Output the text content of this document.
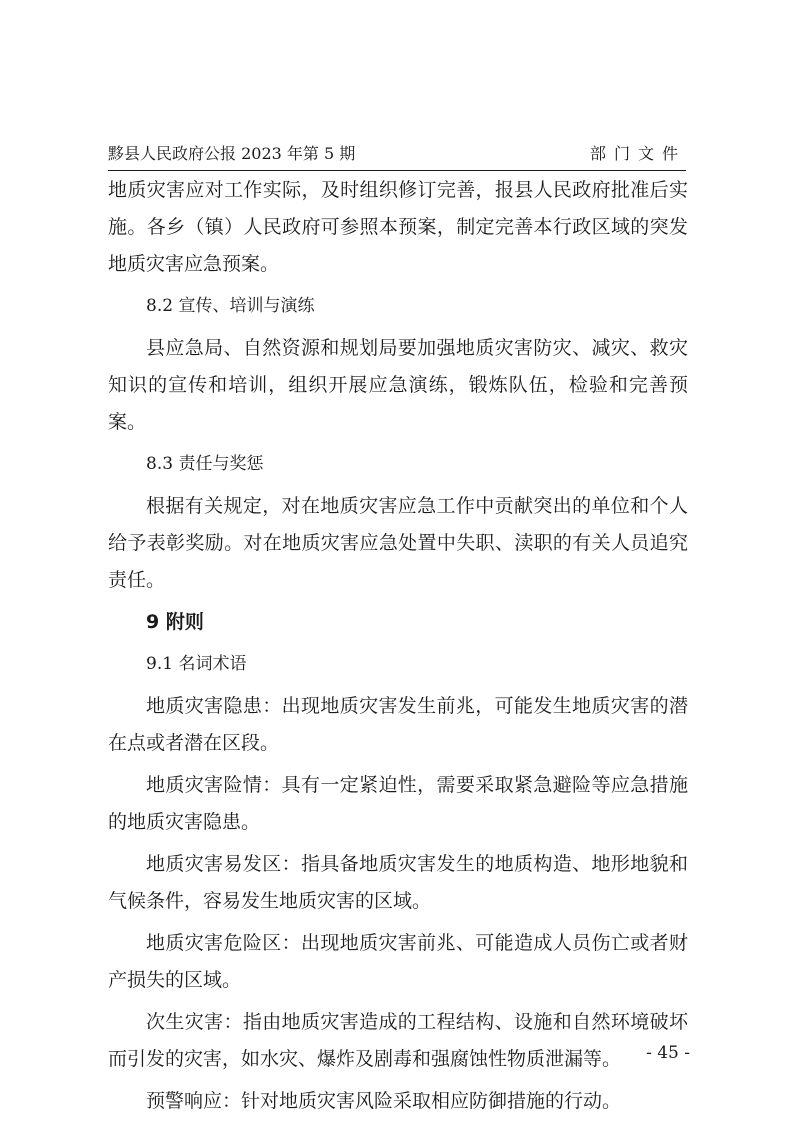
黟县人民政府公报 2023 年第 5 期	部门文件

地质灾害应对工作实际，及时组织修订完善，报县人民政府批准后实施。各乡（镇）人民政府可参照本预案，制定完善本行政区域的突发地质灾害应急预案。

8.2 宣传、培训与演练

县应急局、自然资源和规划局要加强地质灾害防灾、减灾、救灾知识的宣传和培训，组织开展应急演练，锻炼队伍，检验和完善预案。

8.3 责任与奖惩

根据有关规定，对在地质灾害应急工作中贡献突出的单位和个人给予表彰奖励。对在地质灾害应急处置中失职、渎职的有关人员追究责任。

9 附则

9.1 名词术语

地质灾害隐患：出现地质灾害发生前兆，可能发生地质灾害的潜在点或者潜在区段。

地质灾害险情：具有一定紧迫性，需要采取紧急避险等应急措施的地质灾害隐患。

地质灾害易发区：指具备地质灾害发生的地质构造、地形地貌和气候条件，容易发生地质灾害的区域。

地质灾害危险区：出现地质灾害前兆、可能造成人员伤亡或者财产损失的区域。

次生灾害：指由地质灾害造成的工程结构、设施和自然环境破坏而引发的灾害，如水灾、爆炸及剧毒和强腐蚀性物质泄漏等。

预警响应：针对地质灾害风险采取相应防御措施的行动。

- 45 -
